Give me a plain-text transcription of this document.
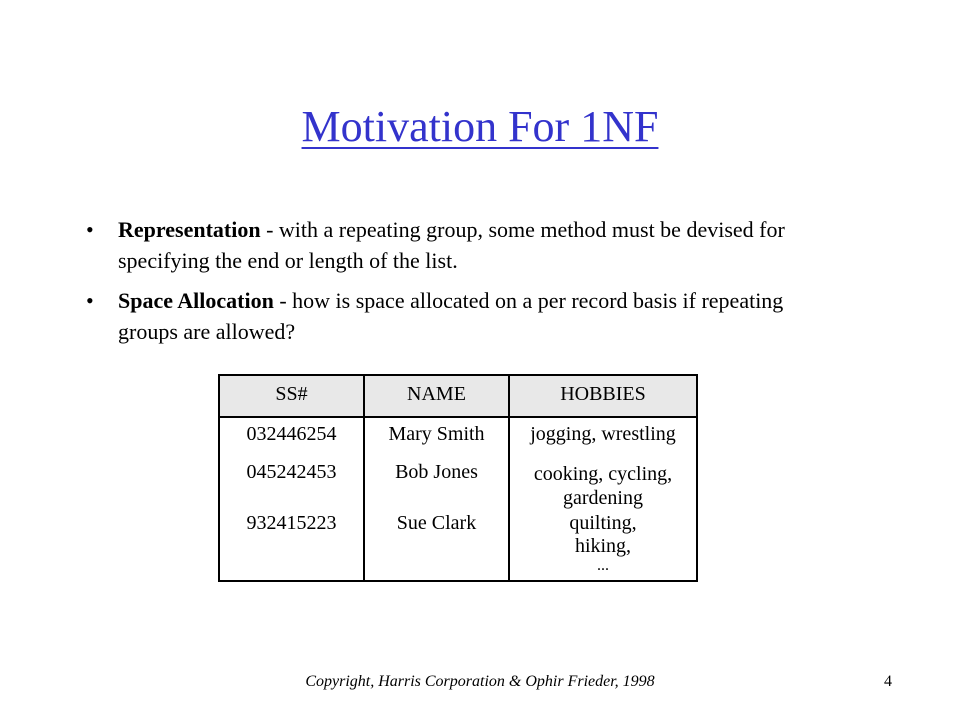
Motivation For 1NF
• Representation - with a repeating group, some method must be devised for specifying the end or length of the list.
• Space Allocation - how is space allocated on a per record basis if repeating groups are allowed?
SS#	NAME	HOBBIES
032446254	Mary Smith	jogging, wrestling
045242453	Bob Jones	cooking, cycling,
gardening
932415223	Sue Clark	quilting,
hiking,
...
Copyright, Harris Corporation & Ophir Frieder, 1998	4
